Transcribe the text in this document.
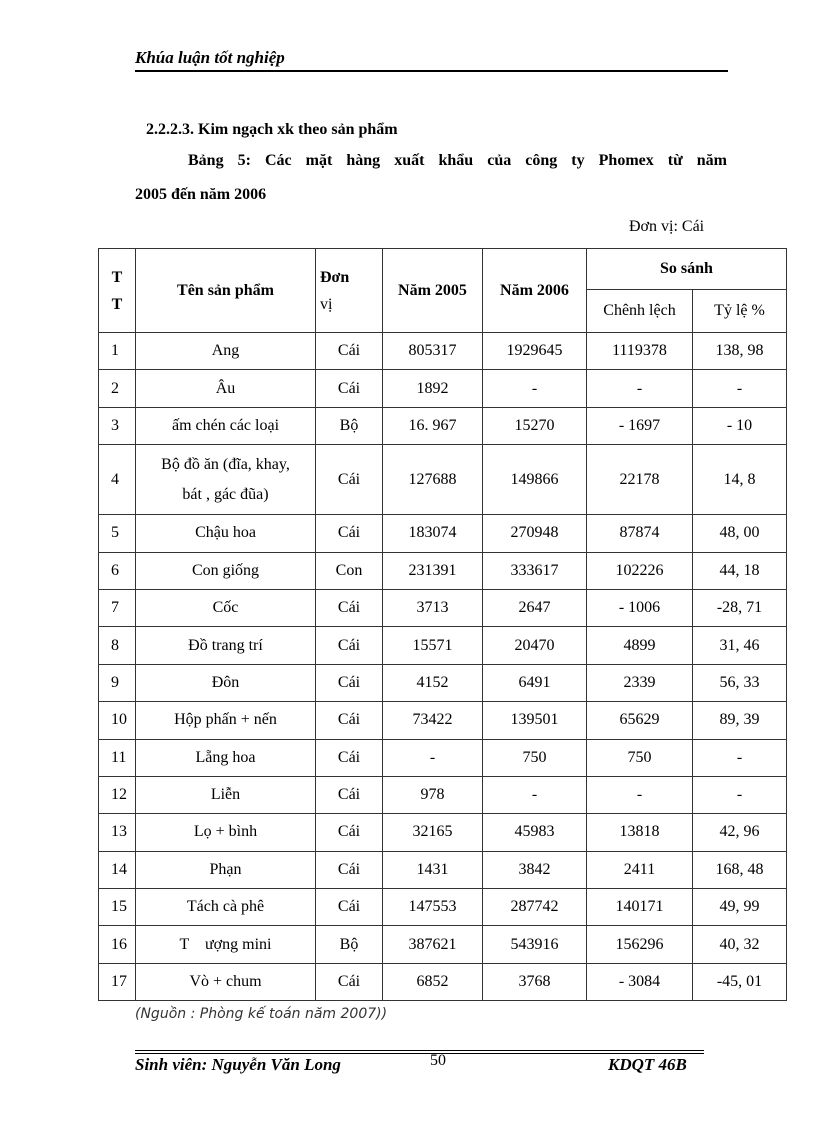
Khúa luận tốt nghiệp
2.2.2.3. Kim ngạch xk theo sản phẩm
Bảng 5: Các mặt hàng xuất khẩu của công ty Phomex từ năm
2005 đến năm 2006
Đơn vị: Cái
T
T	Tên sản phẩm	Đơn
vị	Năm 2005	Năm 2006	So sánh	
					Chênh lệch	Tỷ lệ %
1	Ang	Cái	805317	1929645	1119378	138, 98
2	Âu	Cái	1892	-	-	-
3	ấm chén các loại	Bộ	16. 967	15270	- 1697	- 10
4	Bộ đồ ăn (đĩa, khay,
bát , gác đũa)	Cái	127688	149866	22178	14, 8
5	Chậu hoa	Cái	183074	270948	87874	48, 00
6	Con giống	Con	231391	333617	102226	44, 18
7	Cốc	Cái	3713	2647	- 1006	-28, 71
8	Đồ trang trí	Cái	15571	20470	4899	31, 46
9	Đôn	Cái	4152	6491	2339	56, 33
10	Hộp phấn + nến	Cái	73422	139501	65629	89, 39
11	Lẵng hoa	Cái	-	750	750	-
12	Liễn	Cái	978	-	-	-
13	Lọ + bình	Cái	32165	45983	13818	42, 96
14	Phạn	Cái	1431	3842	2411	168, 48
15	Tách cà phê	Cái	147553	287742	140171	49, 99
16	T    ượng mini	Bộ	387621	543916	156296	40, 32
17	Vò + chum	Cái	6852	3768	- 3084	-45, 01
(Nguồn : Phòng kế toán năm 2007))
Sinh viên: Nguyễn Văn Long	50	KDQT 46B
